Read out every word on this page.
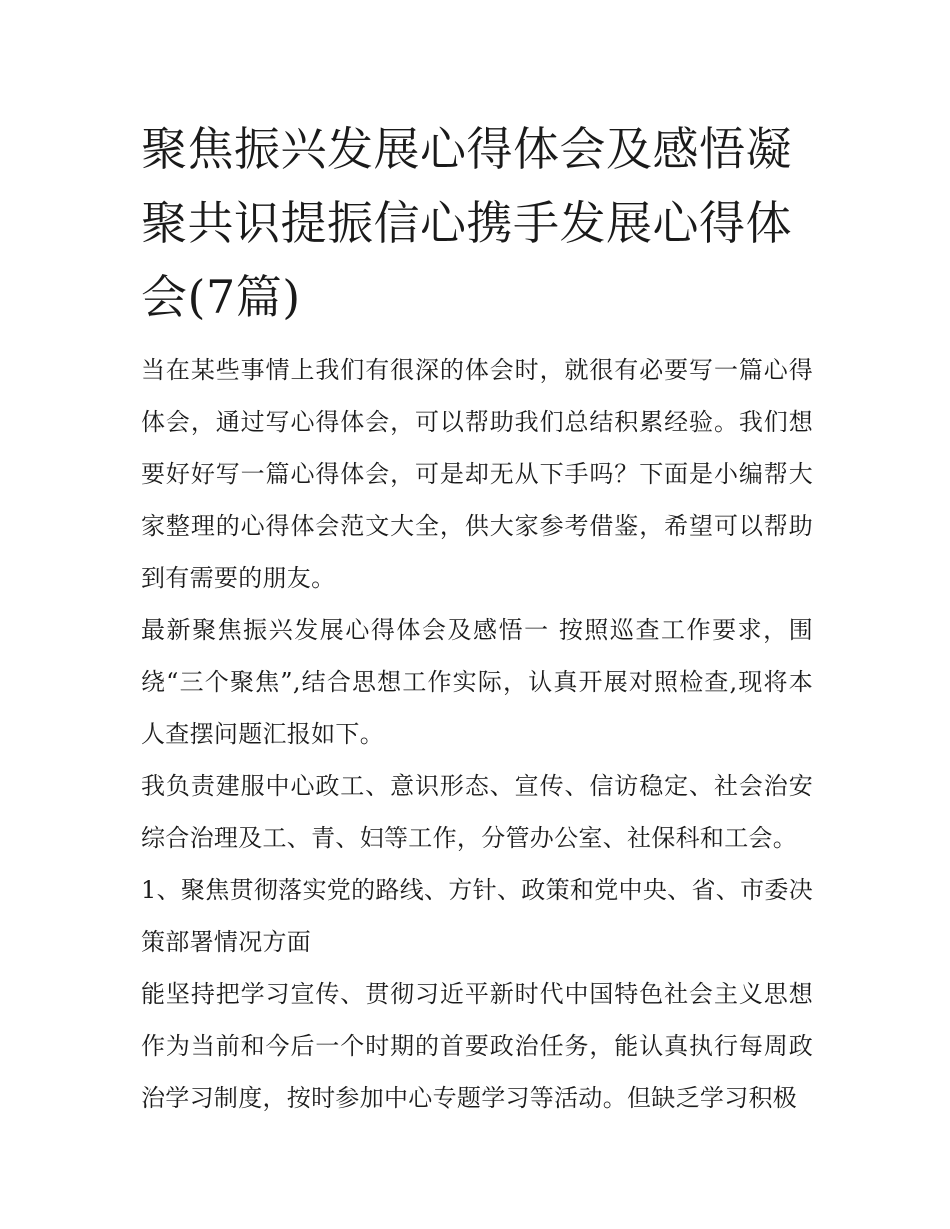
聚焦振兴发展心得体会及感悟凝聚共识提振信心携手发展心得体会(7篇)

当在某些事情上我们有很深的体会时，就很有必要写一篇心得体会，通过写心得体会，可以帮助我们总结积累经验。我们想要好好写一篇心得体会，可是却无从下手吗？下面是小编帮大家整理的心得体会范文大全，供大家参考借鉴，希望可以帮助到有需要的朋友。

最新聚焦振兴发展心得体会及感悟一 按照巡查工作要求，围绕“三个聚焦”,结合思想工作实际，认真开展对照检查,现将本人查摆问题汇报如下。

我负责建服中心政工、意识形态、宣传、信访稳定、社会治安综合治理及工、青、妇等工作，分管办公室、社保科和工会。

1、聚焦贯彻落实党的路线、方针、政策和党中央、省、市委决策部署情况方面

能坚持把学习宣传、贯彻习近平新时代中国特色社会主义思想作为当前和今后一个时期的首要政治任务，能认真执行每周政治学习制度，按时参加中心专题学习等活动。但缺乏学习积极
